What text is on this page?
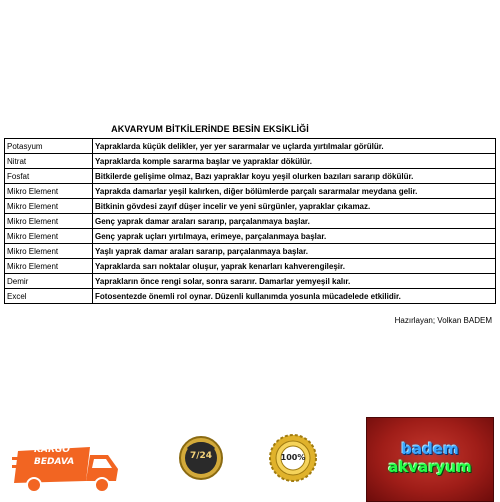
AKVARYUM BİTKİLERİNDE BESİN EKSİKLİĞİ
Potasyum	Yapraklarda küçük delikler, yer yer sararmalar ve uçlarda yırtılmalar görülür.
Nitrat	Yapraklarda komple sararma başlar ve yapraklar dökülür.
Fosfat	Bitkilerde gelişime olmaz, Bazı yapraklar koyu yeşil olurken bazıları sararıp dökülür.
Mikro Element	Yaprakda damarlar yeşil kalırken, diğer bölümlerde parçalı sararmalar meydana gelir.
Mikro Element	Bitkinin gövdesi zayıf düşer incelir ve yeni sürgünler, yapraklar çıkamaz.
Mikro Element	Genç yaprak damar araları sararıp, parçalanmaya başlar.
Mikro Element	Genç yaprak uçları yırtılmaya, erimeye, parçalanmaya başlar.
Mikro Element	Yaşlı yaprak damar araları sararıp, parçalanmaya başlar.
Mikro Element	Yapraklarda sarı noktalar oluşur, yaprak kenarları kahverengileşir.
Demir	Yaprakların önce rengi solar, sonra sararır. Damarlar yemyeşil kalır.
Excel	Fotosentezde önemli rol oynar. Düzenli kullanımda yosunla mücadelede etkilidir.
Hazırlayan; Volkan BADEM
KARGO
BEDAVA
7/24	100%	badem
akvaryum
